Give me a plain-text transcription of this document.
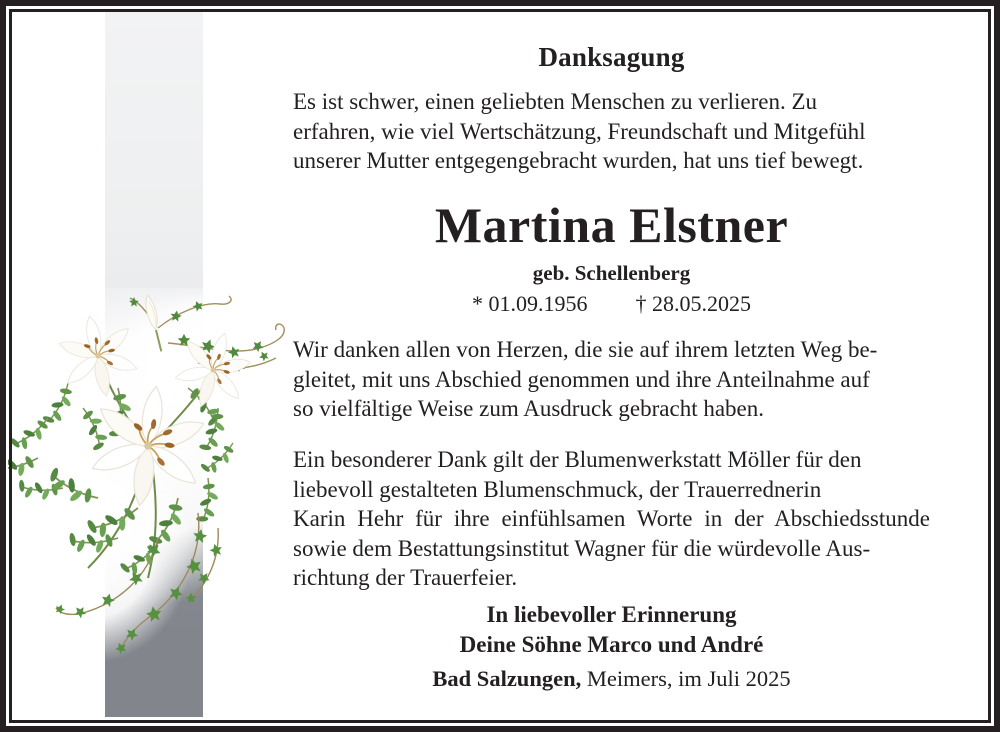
Danksagung
Es ist schwer, einen geliebten Menschen zu verlieren. Zu
erfahren, wie viel Wertschätzung, Freundschaft und Mitgefühl
unserer Mutter entgegengebracht wurden, hat uns tief bewegt.
Martina Elstner
geb. Schellenberg
* 01.09.1956 † 28.05.2025
Wir danken allen von Herzen, die sie auf ihrem letzten Weg be-
gleitet, mit uns Abschied genommen und ihre Anteilnahme auf
so vielfältige Weise zum Ausdruck gebracht haben.
Ein besonderer Dank gilt der Blumenwerkstatt Möller für den
liebevoll gestalteten Blumenschmuck, der Trauerrednerin
Karin Hehr für ihre einfühlsamen Worte in der Abschiedsstunde
sowie dem Bestattungsinstitut Wagner für die würdevolle Aus-
richtung der Trauerfeier.
In liebevoller Erinnerung
Deine Söhne Marco und André
Bad Salzungen, Meimers, im Juli 2025
